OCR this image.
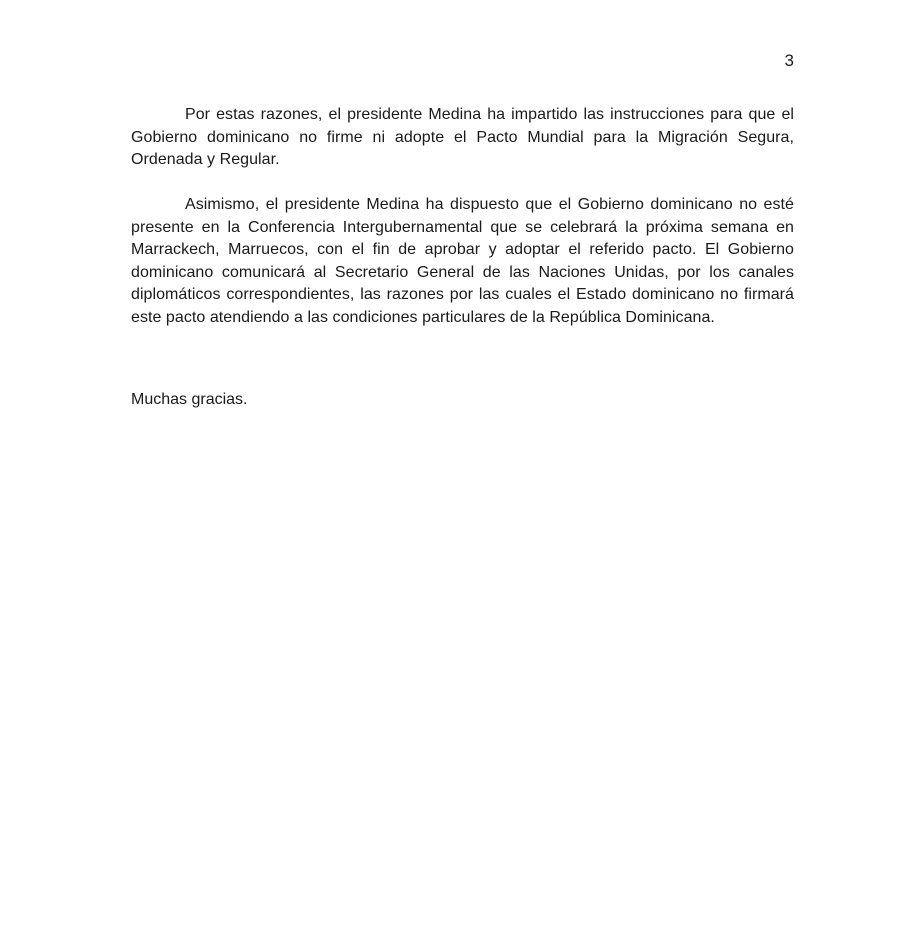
3

Por estas razones, el presidente Medina ha impartido las instrucciones para que el Gobierno dominicano no firme ni adopte el Pacto Mundial para la Migración Segura, Ordenada y Regular.

Asimismo, el presidente Medina ha dispuesto que el Gobierno dominicano no esté presente en la Conferencia Intergubernamental que se celebrará la próxima semana en Marrackech, Marruecos, con el fin de aprobar y adoptar el referido pacto. El Gobierno dominicano comunicará al Secretario General de las Naciones Unidas, por los canales diplomáticos correspondientes, las razones por las cuales el Estado dominicano no firmará este pacto atendiendo a las condiciones particulares de la República Dominicana.

Muchas gracias.
